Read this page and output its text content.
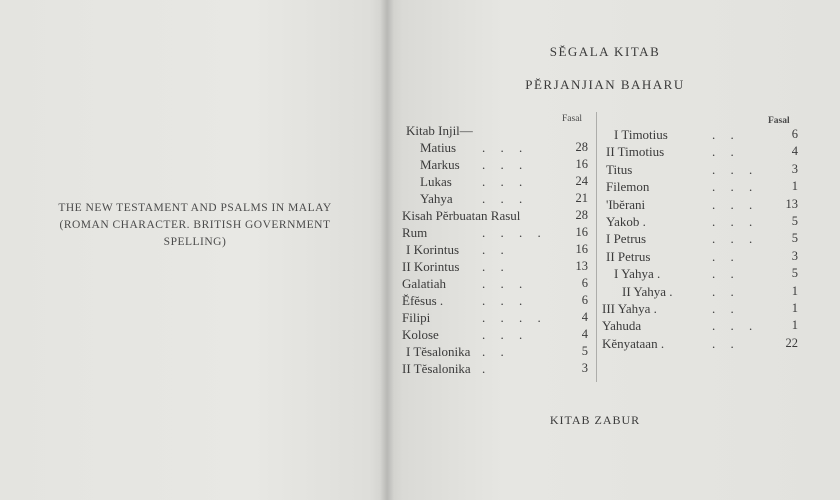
THE NEW TESTAMENT AND PSALMS IN MALAY
(ROMAN CHARACTER. BRITISH GOVERNMENT
SPELLING)
SĔGALA KITAB
PĔRJANJIAN BAHARU
Fasal	Fasal
Kitab Injil—
Matius . . .	28
Markus . . .	16
Lukas . . .	24
Yahya . . .	21
Kisah Pĕrbuatan Rasul	28
Rum	. . . . 16
I Korintus . .	16
II Korintus . .	13
Galatiah	. . .	6
Ĕfĕsus .	. . .	6
Filipi	. . . .	4
Kolose	. . .	4
I Tĕsalonika . .	5
II Tĕsalonika .	3
I Timotius	. .	6
II Timotius	. .	4
Titus	. . .	3
Filemon	. . .	1
'Ibĕrani	. . . 13
Yakob .	. . .	5
I Petrus	. . .	5
II Petrus	. .	3
I Yahya .	. .	5
II Yahya .	. .	1
III Yahya .	. .	1
Yahuda	. . .	1
Kĕnyataan .	. .	22
KITAB ZABUR
